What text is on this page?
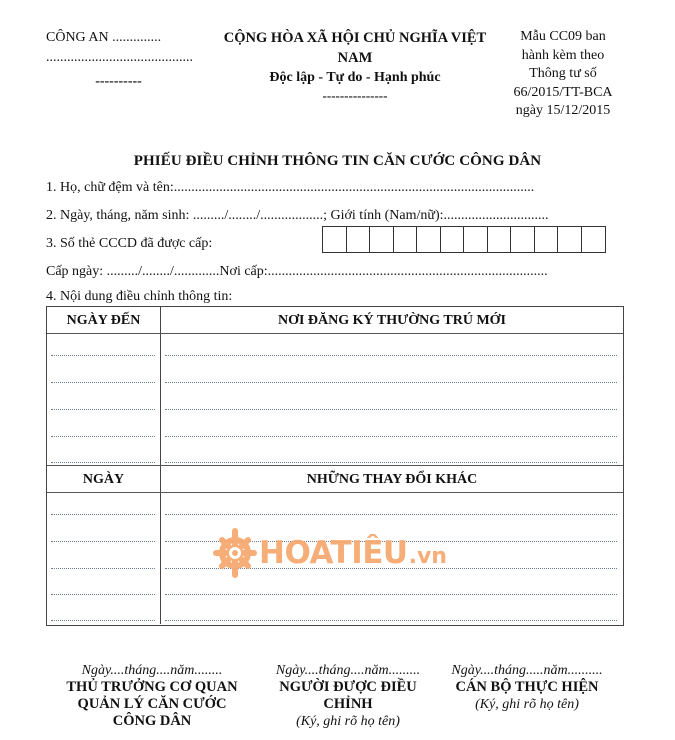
CÔNG AN ..............
..........................................
----------
CỘNG HÒA XÃ HỘI CHỦ NGHĨA VIỆT
NAM
Độc lập - Tự do - Hạnh phúc
---------------
Mẫu CC09 ban
hành kèm theo
Thông tư số
66/2015/TT-BCA
ngày 15/12/2015
PHIẾU ĐIỀU CHỈNH THÔNG TIN CĂN CƯỚC CÔNG DÂN
1. Họ, chữ đệm và tên:.......................................................................................................
2. Ngày, tháng, năm sinh: ........./......../..................; Giới tính (Nam/nữ):..............................
3. Số thẻ CCCD đã được cấp:
Cấp ngày: ........./......../.............Nơi cấp:................................................................................
4. Nội dung điều chỉnh thông tin:
NGÀY ĐẾN	NƠI ĐĂNG KÝ THƯỜNG TRÚ MỚI
NGÀY	NHỮNG THAY ĐỔI KHÁC
HOATIÊU .vn
Ngày....tháng....năm........
THỦ TRƯỞNG CƠ QUAN
QUẢN LÝ CĂN CƯỚC
CÔNG DÂN
Ngày....tháng....năm.........
NGƯỜI ĐƯỢC ĐIỀU
CHỈNH
(Ký, ghi rõ họ tên)
Ngày....tháng.....năm..........
CÁN BỘ THỰC HIỆN
(Ký, ghi rõ họ tên)
